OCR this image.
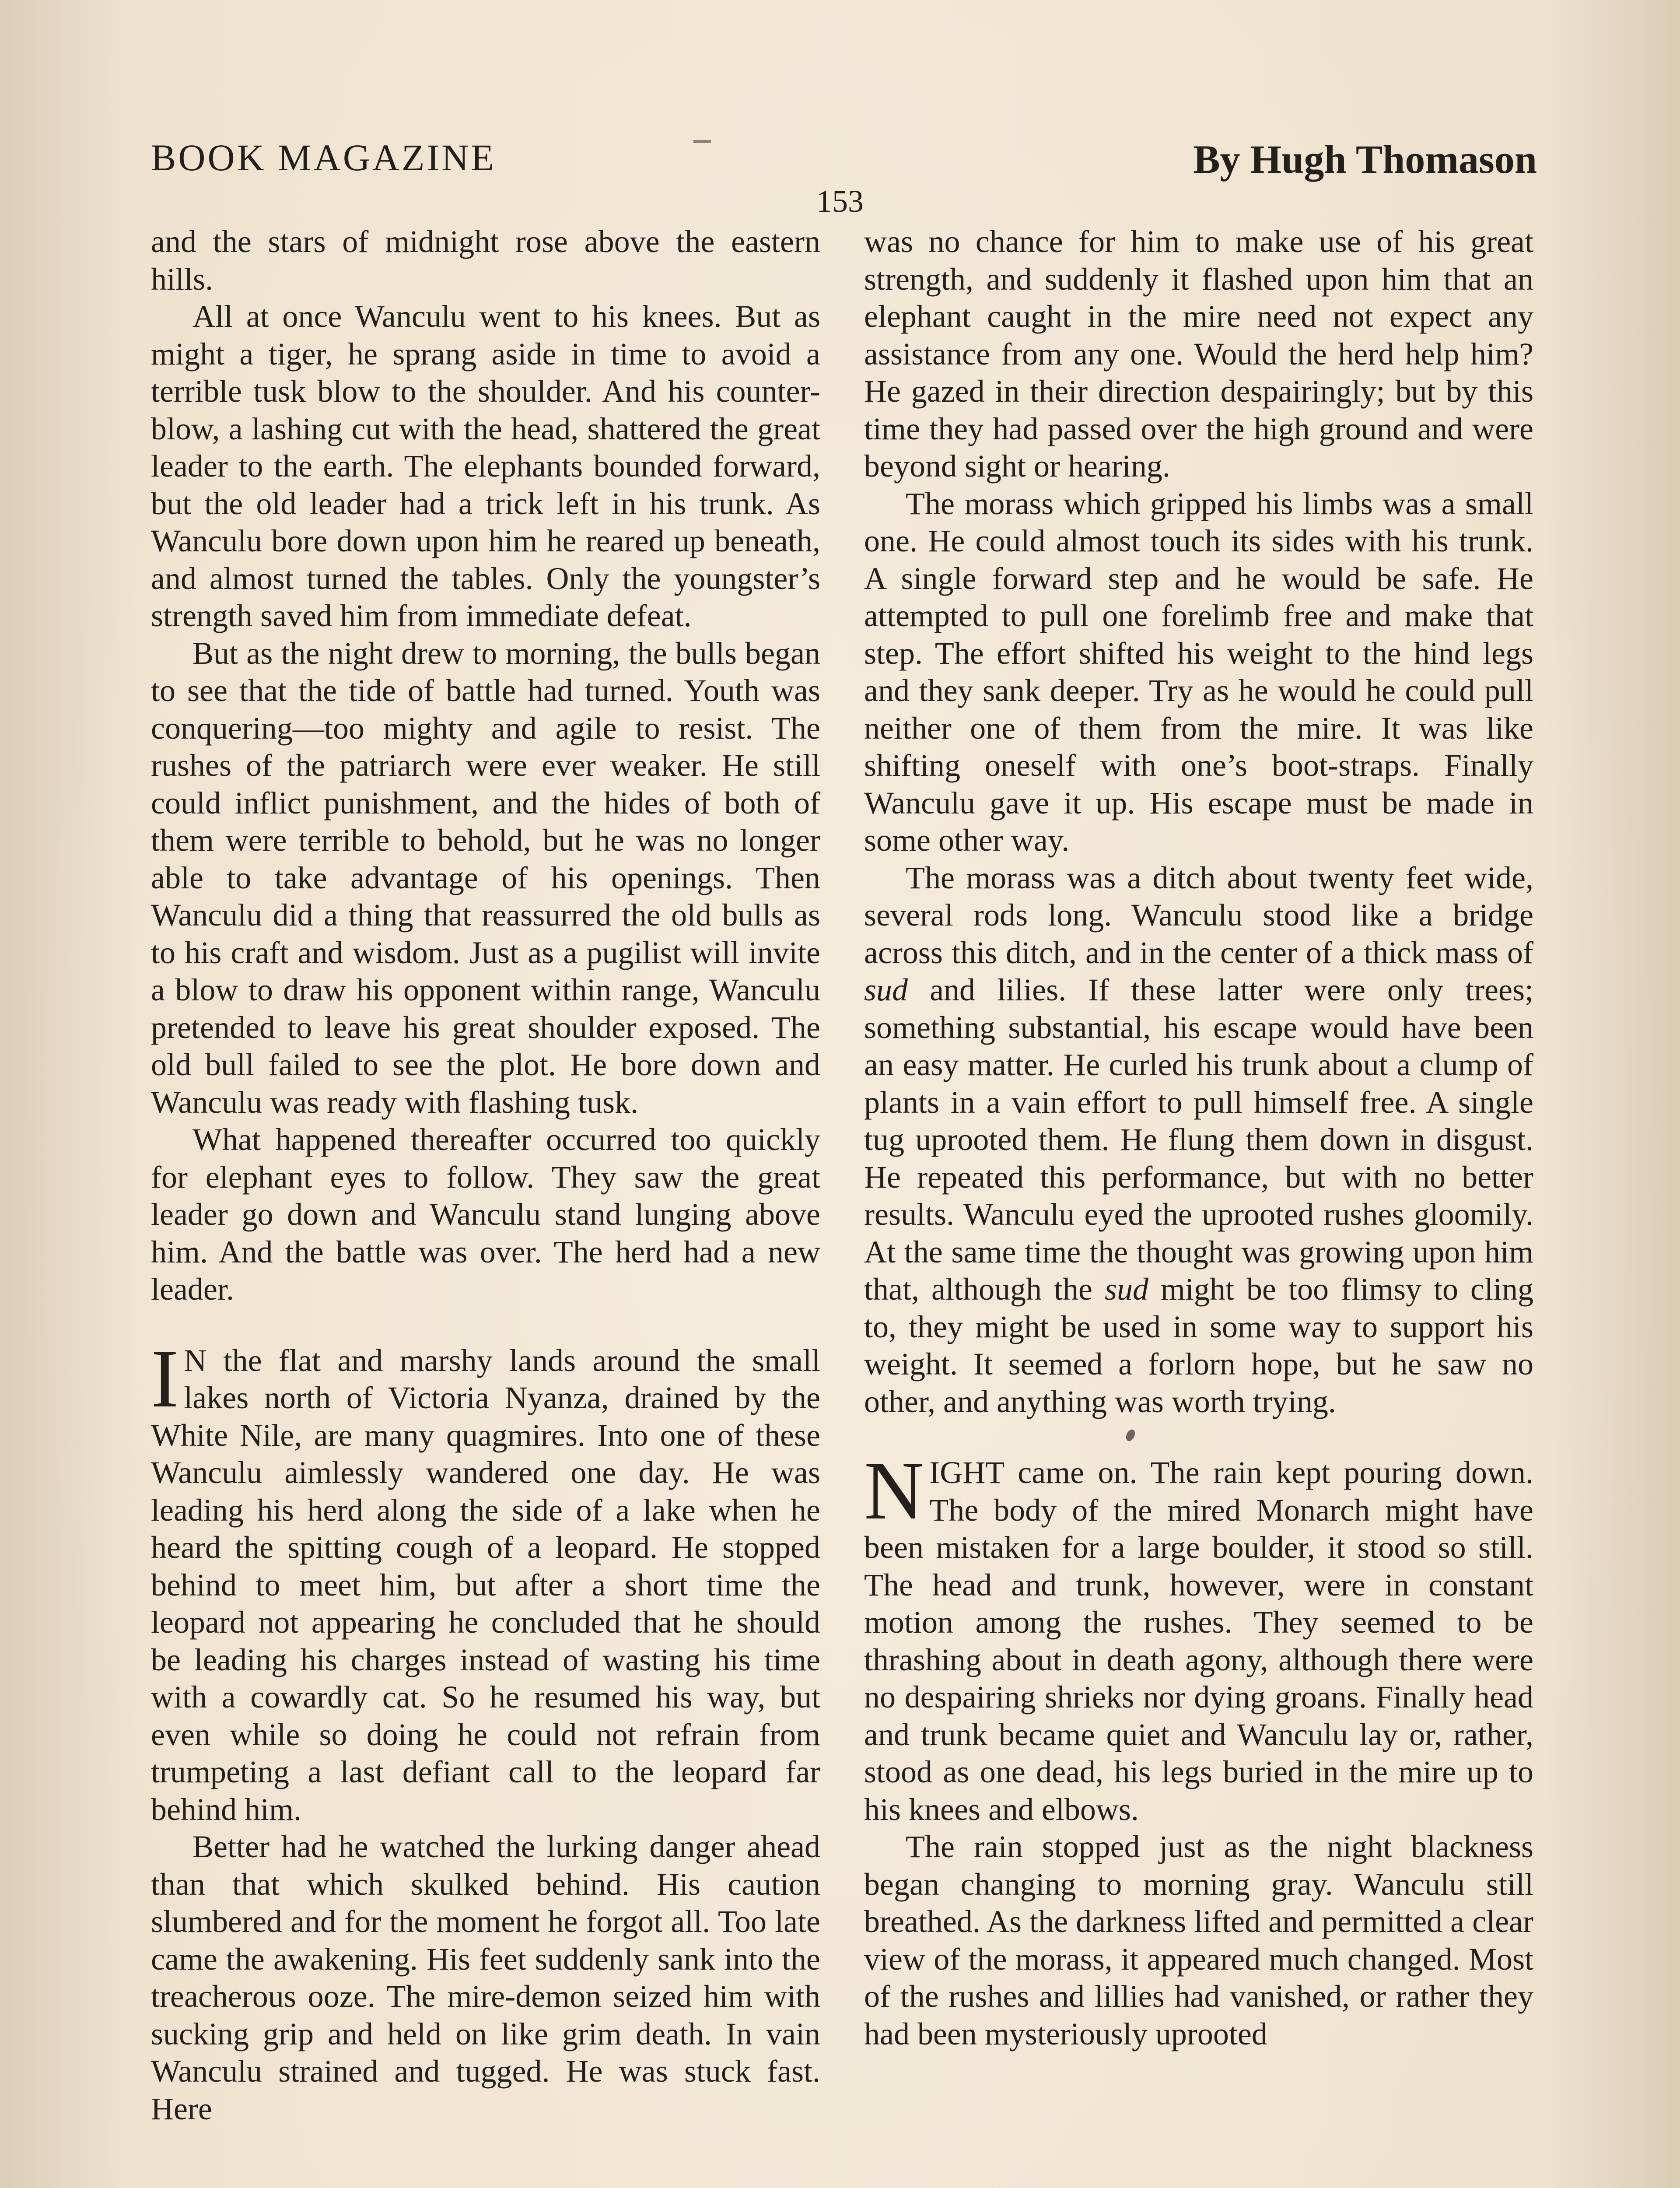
BOOK MAGAZINE	By Hugh Thomason
153

and the stars of midnight rose above the eastern hills.

All at once Wanculu went to his knees. But as might a tiger, he sprang aside in time to avoid a terrible tusk blow to the shoulder. And his counter-blow, a lashing cut with the head, shattered the great leader to the earth. The elephants bounded forward, but the old leader had a trick left in his trunk. As Wanculu bore down upon him he reared up beneath, and almost turned the tables. Only the youngster’s strength saved him from immediate defeat.

But as the night drew to morning, the bulls began to see that the tide of battle had turned. Youth was conquering—too mighty and agile to resist. The rushes of the patriarch were ever weaker. He still could inflict punishment, and the hides of both of them were terrible to behold, but he was no longer able to take advantage of his openings. Then Wanculu did a thing that reassurred the old bulls as to his craft and wisdom. Just as a pugilist will invite a blow to draw his opponent within range, Wanculu pretended to leave his great shoulder exposed. The old bull failed to see the plot. He bore down and Wanculu was ready with flashing tusk.

What happened thereafter occurred too quickly for elephant eyes to follow. They saw the great leader go down and Wanculu stand lunging above him. And the battle was over. The herd had a new leader.

I N the flat and marshy lands around the small lakes north of Victoria Nyanza, drained by the White Nile, are many quagmires. Into one of these Wanculu aimlessly wandered one day. He was leading his herd along the side of a lake when he heard the spitting cough of a leopard. He stopped behind to meet him, but after a short time the leopard not appearing he concluded that he should be leading his charges instead of wasting his time with a cowardly cat. So he resumed his way, but even while so doing he could not refrain from trumpeting a last defiant call to the leopard far behind him.

Better had he watched the lurking danger ahead than that which skulked behind. His caution slumbered and for the moment he forgot all. Too late came the awakening. His feet suddenly sank into the treacherous ooze. The mire-demon seized him with sucking grip and held on like grim death. In vain Wanculu strained and tugged. He was stuck fast. Here

was no chance for him to make use of his great strength, and suddenly it flashed upon him that an elephant caught in the mire need not expect any assistance from any one. Would the herd help him? He gazed in their direction despairingly; but by this time they had passed over the high ground and were beyond sight or hearing.

The morass which gripped his limbs was a small one. He could almost touch its sides with his trunk. A single forward step and he would be safe. He attempted to pull one forelimb free and make that step. The effort shifted his weight to the hind legs and they sank deeper. Try as he would he could pull neither one of them from the mire. It was like shifting oneself with one’s boot-straps. Finally Wanculu gave it up. His escape must be made in some other way.

The morass was a ditch about twenty feet wide, several rods long. Wanculu stood like a bridge across this ditch, and in the center of a thick mass of sud and lilies. If these latter were only trees; something substantial, his escape would have been an easy matter. He curled his trunk about a clump of plants in a vain effort to pull himself free. A single tug uprooted them. He flung them down in disgust. He repeated this performance, but with no better results. Wanculu eyed the uprooted rushes gloomily. At the same time the thought was growing upon him that, although the sud might be too flimsy to cling to, they might be used in some way to support his weight. It seemed a forlorn hope, but he saw no other, and anything was worth trying.

NIGHT came on. The rain kept pouring down. The body of the mired Monarch might have been mistaken for a large boulder, it stood so still. The head and trunk, however, were in constant motion among the rushes. They seemed to be thrashing about in death agony, although there were no despairing shrieks nor dying groans. Finally head and trunk became quiet and Wanculu lay or, rather, stood as one dead, his legs buried in the mire up to his knees and elbows.

The rain stopped just as the night blackness began changing to morning gray. Wanculu still breathed. As the darkness lifted and permitted a clear view of the morass, it appeared much changed. Most of the rushes and lillies had vanished, or rather they had been mysteriously uprooted
